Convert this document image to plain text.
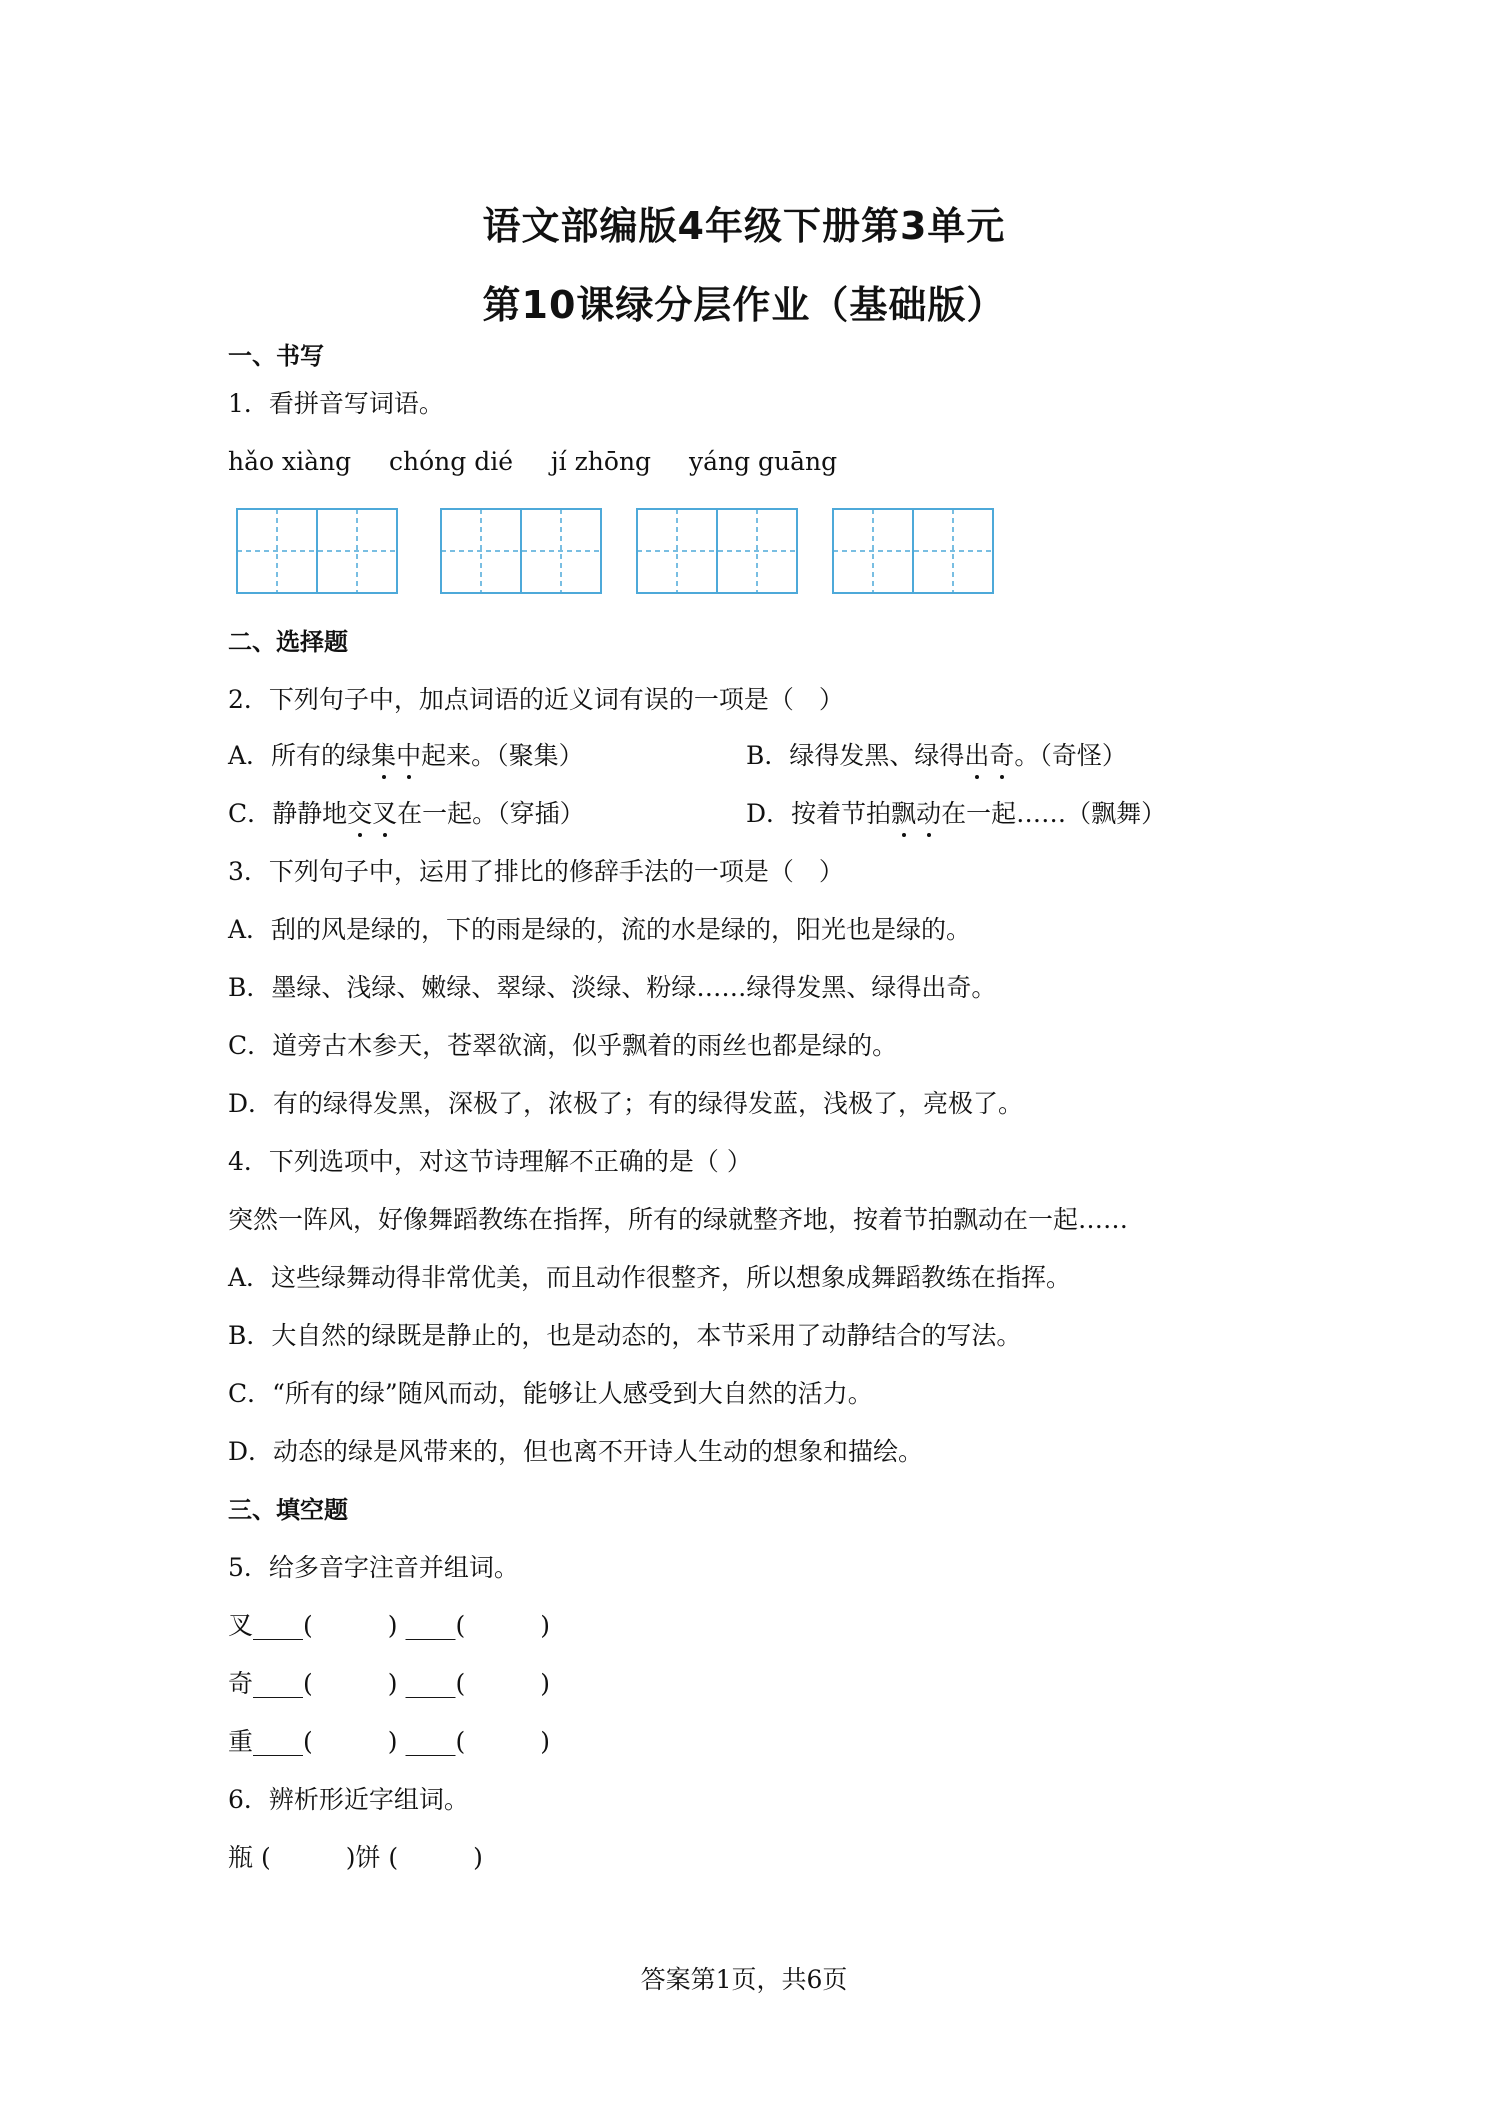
语文部编版4年级下册第3单元
第10课绿分层作业（基础版）
一、书写
1．看拼音写词语。
hǎo xiàng chóng dié jí zhōng yáng guāng
二、选择题
2．下列句子中，加点词语的近义词有误的一项是（　）
A．所有的绿集中起来。（聚集）	B．绿得发黑、绿得出奇。（奇怪）
C．静静地交叉在一起。（穿插）	D．按着节拍飘动在一起……（飘舞）
3．下列句子中，运用了排比的修辞手法的一项是（　）
A．刮的风是绿的，下的雨是绿的，流的水是绿的，阳光也是绿的。
B．墨绿、浅绿、嫩绿、翠绿、淡绿、粉绿……绿得发黑、绿得出奇。
C．道旁古木参天，苍翠欲滴，似乎飘着的雨丝也都是绿的。
D．有的绿得发黑，深极了，浓极了；有的绿得发蓝，浅极了，亮极了。
4．下列选项中，对这节诗理解不正确的是（ ）
突然一阵风，好像舞蹈教练在指挥，所有的绿就整齐地，按着节拍飘动在一起……
A．这些绿舞动得非常优美，而且动作很整齐，所以想象成舞蹈教练在指挥。
B．大自然的绿既是静止的，也是动态的，本节采用了动静结合的写法。
C．“所有的绿”随风而动，能够让人感受到大自然的活力。
D．动态的绿是风带来的，但也离不开诗人生动的想象和描绘。
三、填空题
5．给多音字注音并组词。
叉____(　　　) ____(　　　)
奇____(　　　) ____(　　　)
重____(　　　) ____(　　　)
6．辨析形近字组词。
瓶 (　　　)饼 (　　　)
答案第1页，共6页
